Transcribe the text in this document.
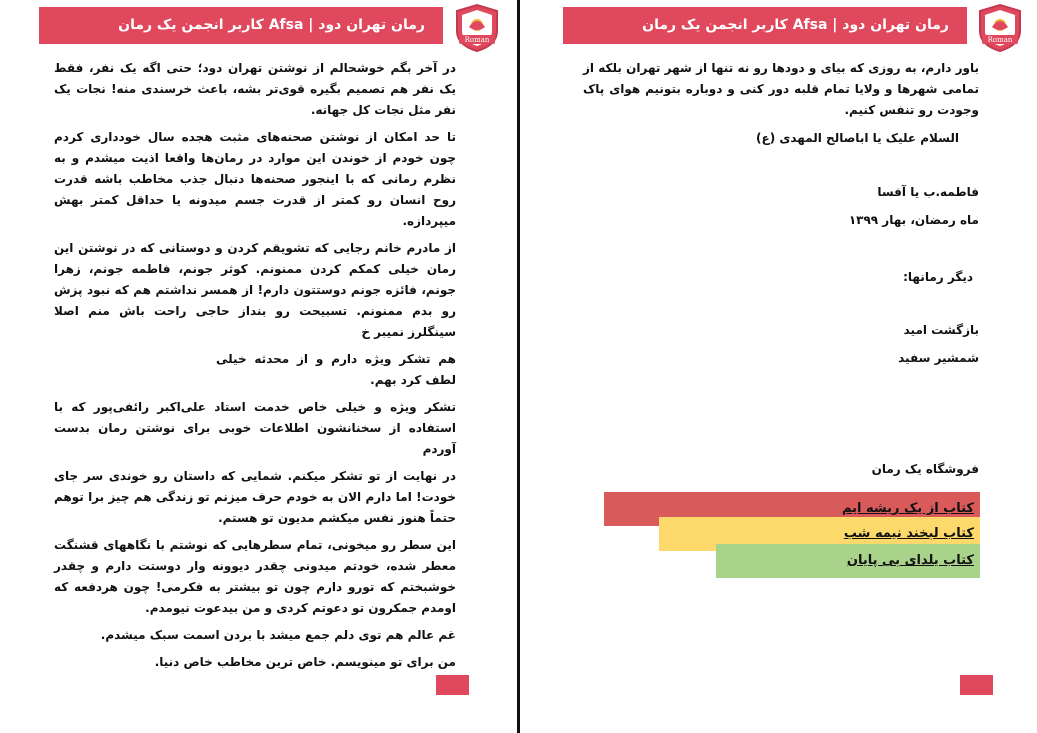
رمان تهران دود | Afsa کاربر انجمن یک رمان
Roman

در آخر بگم خوشحالم از نوشتن تهران دود؛ حتی اگه یک نفر، فقط یک نفر هم تصمیم بگیره قوی‌تر بشه، باعث خرسندی منه! نجات یک نفر مثل نجات کل جهانه.

تا حد امکان از نوشتن صحنه‌های مثبت هجده سال خودداری کردم چون خودم از خوندن این موارد در رمان‌ها واقعا اذیت میشدم و به نظرم رمانی که با اینجور صحنه‌ها دنبال جذب مخاطب باشه قدرت روح انسان رو کمتر از قدرت جسم میدونه یا حداقل کمتر بهش میپردازه.

از مادرم خانم رجایی که تشویقم کردن و دوستانی که در نوشتن این رمان خیلی کمکم کردن ممنونم. کوثر جونم، فاطمه جونم، زهرا جونم، فائزه جونم دوستتون دارم! از همسر نداشتم هم که نبود پزش رو بدم ممنونم. تسبیحت رو بنداز حاجی راحت باش منم اصلا سینگلرز نمیبر خ

هم تشکر ویژه دارم و از محدثه خیلی لطف کرد بهم.

تشکر ویژه و خیلی خاص خدمت استاد علی‌اکبر رائفی‌پور که با استفاده از سخنانشون اطلاعات خوبی برای نوشتن رمان بدست آوردم

در نهایت از تو تشکر میکنم. شمایی که داستان رو خوندی سر جای خودت! اما دارم الان به خودم حرف میزنم تو زندگی هم چیز برا توهم حتماً هنوز نفس میکشم مدیون تو هستم.

این سطر رو میخونی، تمام سطرهایی که نوشتم با نگاههای قشنگت معطر شده، خودتم میدونی چقدر دیوونه وار دوستت دارم و چقدر خوشبختم که تورو دارم چون تو بیشتر به فکرمی! چون هردفعه که اومدم جمکرون تو دعوتم کردی و من بیدعوت نیومدم.

غم عالم هم توی دلم جمع میشد با بردن اسمت سبک میشدم.

من برای تو مینویسم. خاص ترین مخاطب خاص دنیا.

رمان تهران دود | Afsa کاربر انجمن یک رمان
Roman

باور دارم، به روزی که بیای و دودها رو نه تنها از شهر تهران بلکه از تمامی شهرها و ولایا تمام قلبه دور کنی و دوباره بتونیم هوای پاک وجودت رو تنفس کنیم.

السلام علیک یا اباصالح المهدی (ع)
فاطمه.ب یا آفسا
ماه رمضان، بهار ۱۳۹۹
دیگر رمانها:
بازگشت امید
شمشیر سفید
فروشگاه یک رمان
کتاب از یک ریشه ایم
کتاب لبخند نیمه شب
کتاب یلدای بی پایان
